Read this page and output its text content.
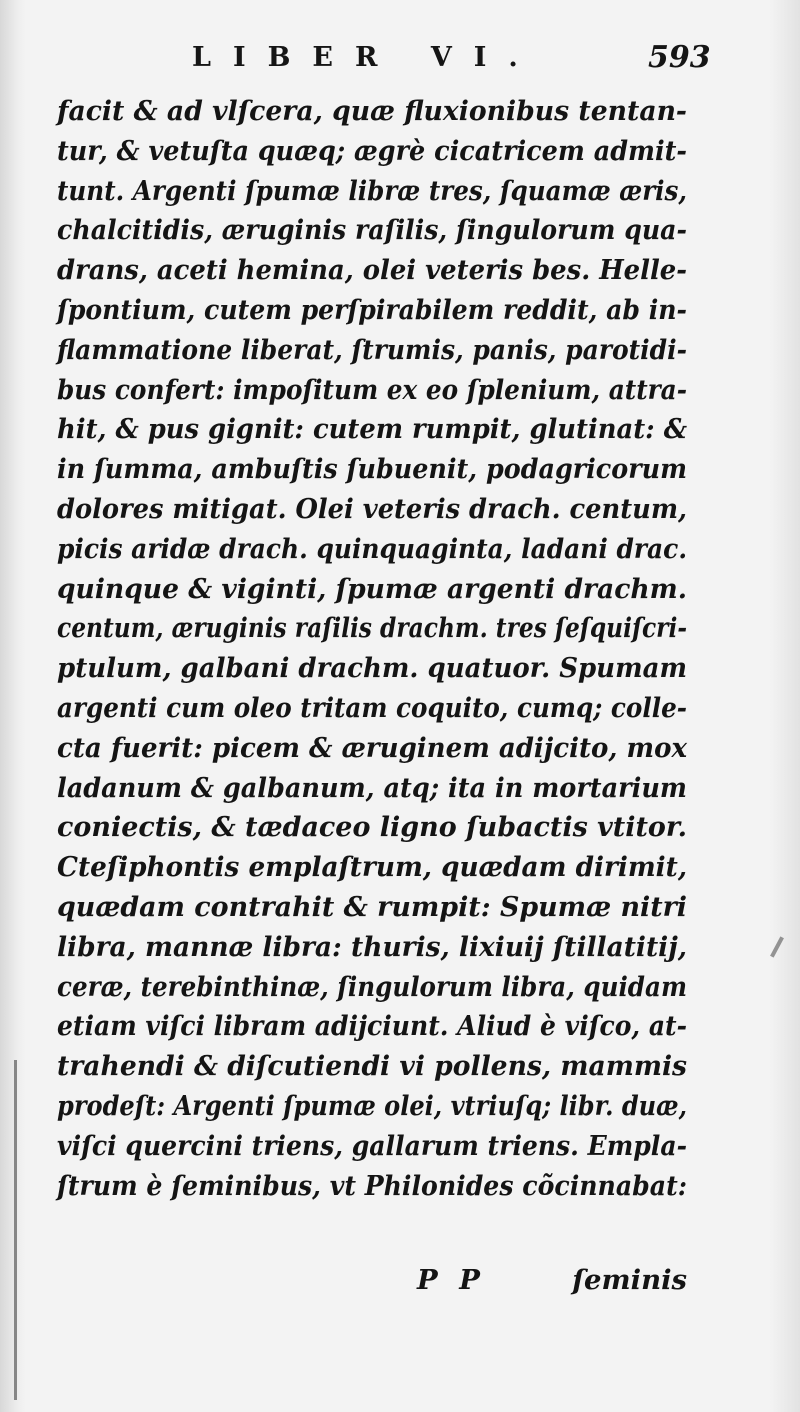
LIBER VI.	593
facit & ad vlſcera, quæ fluxionibus tentan-
tur, & vetuſta quæq; ægrè cicatricem admit-
tunt. Argenti ſpumæ libræ tres, ſquamæ æris,
chalcitidis, æruginis raſilis, ſingulorum qua-
drans, aceti hemina, olei veteris bes. Helle-
ſpontium, cutem perſpirabilem reddit, ab in-
flammatione liberat, ſtrumis, panis, parotidi-
bus confert: impoſitum ex eo ſplenium, attra-
hit, & pus gignit: cutem rumpit, glutinat: &
in ſumma, ambuſtis ſubuenit, podagricorum
dolores mitigat. Olei veteris drach. centum,
picis aridæ drach. quinquaginta, ladani drac.
quinque & viginti, ſpumæ argenti drachm.
centum, æruginis raſilis drachm. tres ſeſquiſcri-
ptulum, galbani drachm. quatuor. Spumam
argenti cum oleo tritam coquito, cumq; colle-
cta fuerit: picem & æruginem adijcito, mox
ladanum & galbanum, atq; ita in mortarium
coniectis, & tædaceo ligno ſubactis vtitor.
Cteſiphontis emplaſtrum, quædam dirimit,
quædam contrahit & rumpit: Spumæ nitri
libra, mannæ libra: thuris, lixiuij ſtillatitij,
ceræ, terebinthinæ, ſingulorum libra, quidam
etiam viſci libram adijciunt. Aliud è viſco, at-
trahendi & diſcutiendi vi pollens, mammis
prodeſt: Argenti ſpumæ olei, vtriuſq; libr. duæ,
viſci quercini triens, gallarum triens. Empla-
ſtrum è ſeminibus, vt Philonides cõcinnabat:
P P	ſeminis
